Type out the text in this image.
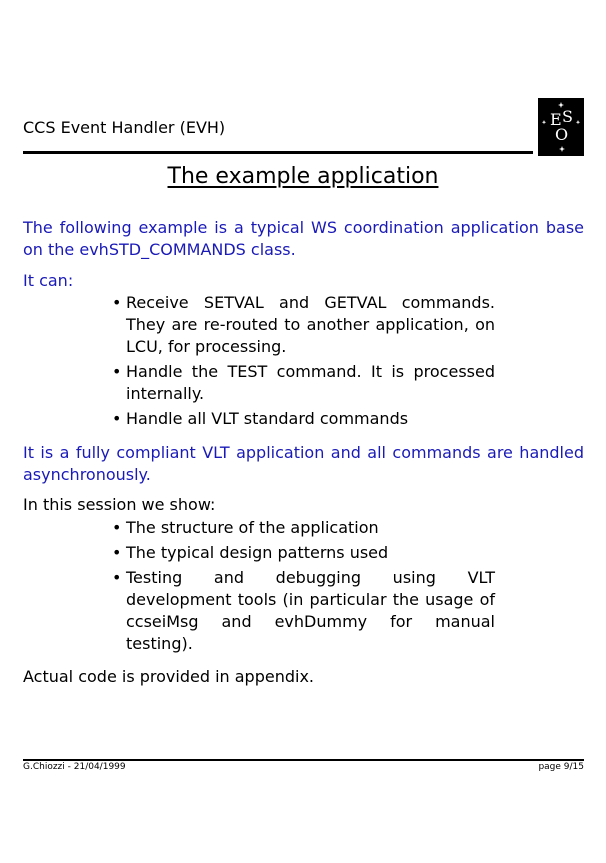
CCS Event Handler (EVH)	E S
O
The example application
The following example is a typical WS coordination application base on the evhSTD_COMMANDS class.
It can:
• Receive SETVAL and GETVAL commands. They are re-routed to another application, on LCU, for processing.
• Handle the TEST command. It is processed internally.
• Handle all VLT standard commands
It is a fully compliant VLT application and all commands are handled asynchronously.
In this session we show:
• The structure of the application
• The typical design patterns used
• Testing and debugging using VLT development tools (in particular the usage of ccseiMsg and evhDummy for manual testing).
Actual code is provided in appendix.
G.Chiozzi - 21/04/1999	page 9/15
